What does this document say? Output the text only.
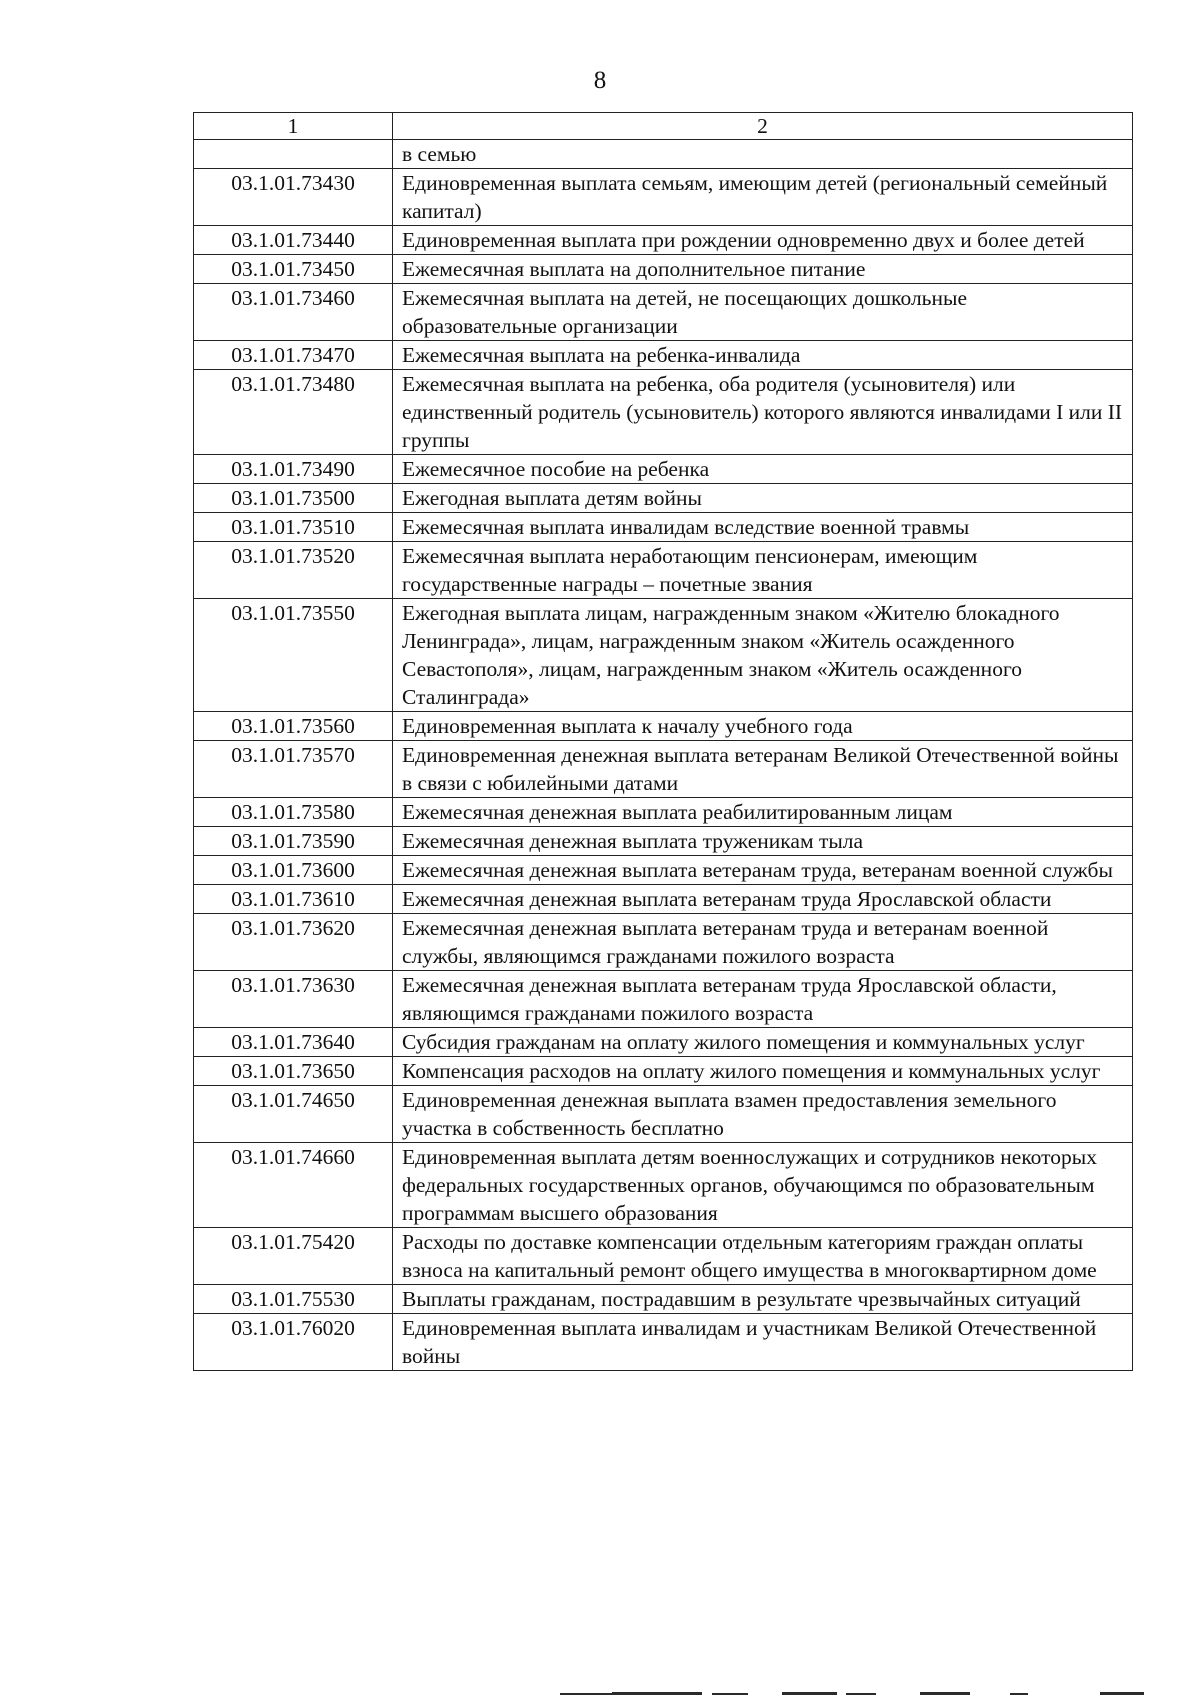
8
1	2
	в семью
03.1.01.73430	Единовременная выплата семьям, имеющим детей (региональный семейный капитал)
03.1.01.73440	Единовременная выплата при рождении одновременно двух и более детей
03.1.01.73450	Ежемесячная выплата на дополнительное питание
03.1.01.73460	Ежемесячная выплата на детей, не посещающих дошкольные образовательные организации
03.1.01.73470	Ежемесячная выплата на ребенка-инвалида
03.1.01.73480	Ежемесячная выплата на ребенка, оба родителя (усыновителя) или единственный родитель (усыновитель) которого являются инвалидами I или II группы
03.1.01.73490	Ежемесячное пособие на ребенка
03.1.01.73500	Ежегодная выплата детям войны
03.1.01.73510	Ежемесячная выплата инвалидам вследствие военной травмы
03.1.01.73520	Ежемесячная выплата неработающим пенсионерам, имеющим государственные награды – почетные звания
03.1.01.73550	Ежегодная выплата лицам, награжденным знаком «Жителю блокадного Ленинграда», лицам, награжденным знаком «Житель осажденного Севастополя», лицам, награжденным знаком «Житель осажденного Сталинграда»
03.1.01.73560	Единовременная выплата к началу учебного года
03.1.01.73570	Единовременная денежная выплата ветеранам Великой Отечественной войны в связи с юбилейными датами
03.1.01.73580	Ежемесячная денежная выплата реабилитированным лицам
03.1.01.73590	Ежемесячная денежная выплата труженикам тыла
03.1.01.73600	Ежемесячная денежная выплата ветеранам труда, ветеранам военной службы
03.1.01.73610	Ежемесячная денежная выплата ветеранам труда Ярославской области
03.1.01.73620	Ежемесячная денежная выплата ветеранам труда и ветеранам военной службы, являющимся гражданами пожилого возраста
03.1.01.73630	Ежемесячная денежная выплата ветеранам труда Ярославской области, являющимся гражданами пожилого возраста
03.1.01.73640	Субсидия гражданам на оплату жилого помещения и коммунальных услуг
03.1.01.73650	Компенсация расходов на оплату жилого помещения и коммунальных услуг
03.1.01.74650	Единовременная денежная выплата взамен предоставления земельного участка в собственность бесплатно
03.1.01.74660	Единовременная выплата детям военнослужащих и сотрудников некоторых федеральных государственных органов, обучающимся по образовательным программам высшего образования
03.1.01.75420	Расходы по доставке компенсации отдельным категориям граждан оплаты взноса на капитальный ремонт общего имущества в многоквартирном доме
03.1.01.75530	Выплаты гражданам, пострадавшим в результате чрезвычайных ситуаций
03.1.01.76020	Единовременная выплата инвалидам и участникам Великой Отечественной войны
